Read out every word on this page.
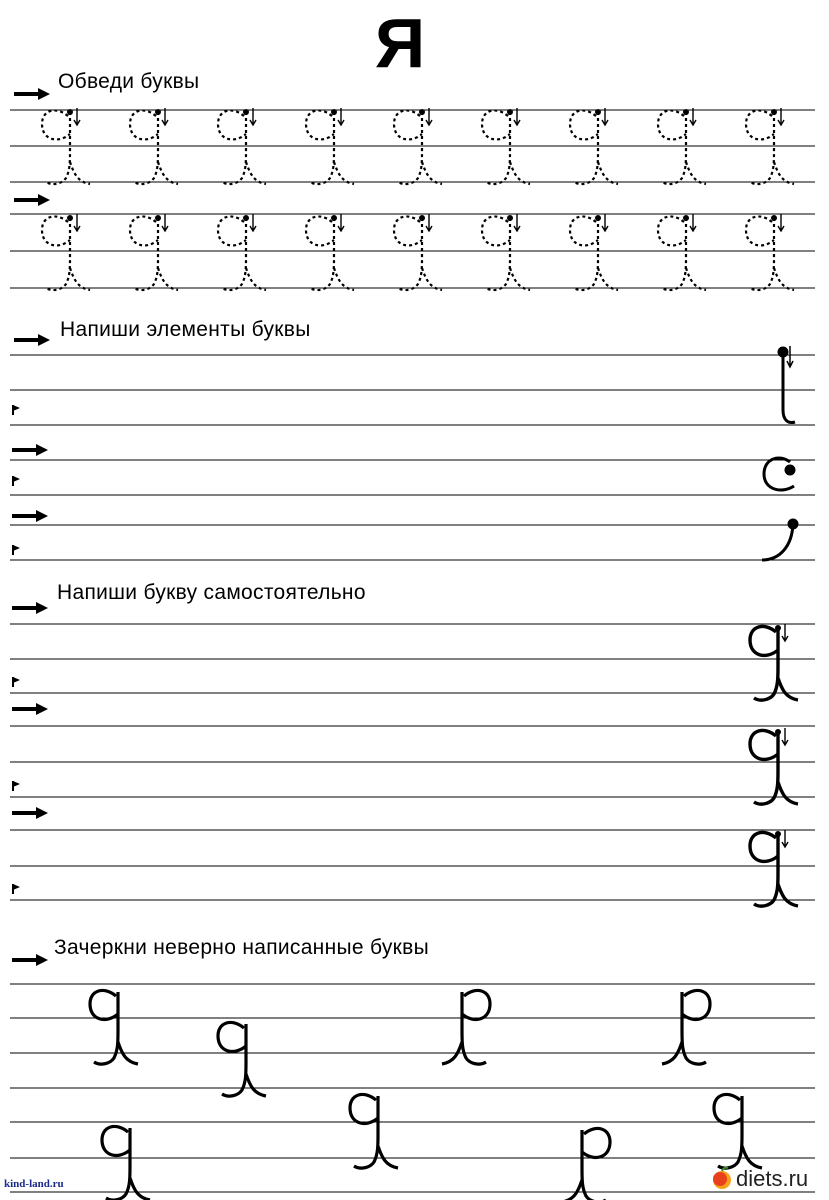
Я
Обведи буквы
Напиши элементы буквы
Напиши букву самостоятельно
Зачеркни неверно написанные буквы
kind-land.ru	diets.ru
